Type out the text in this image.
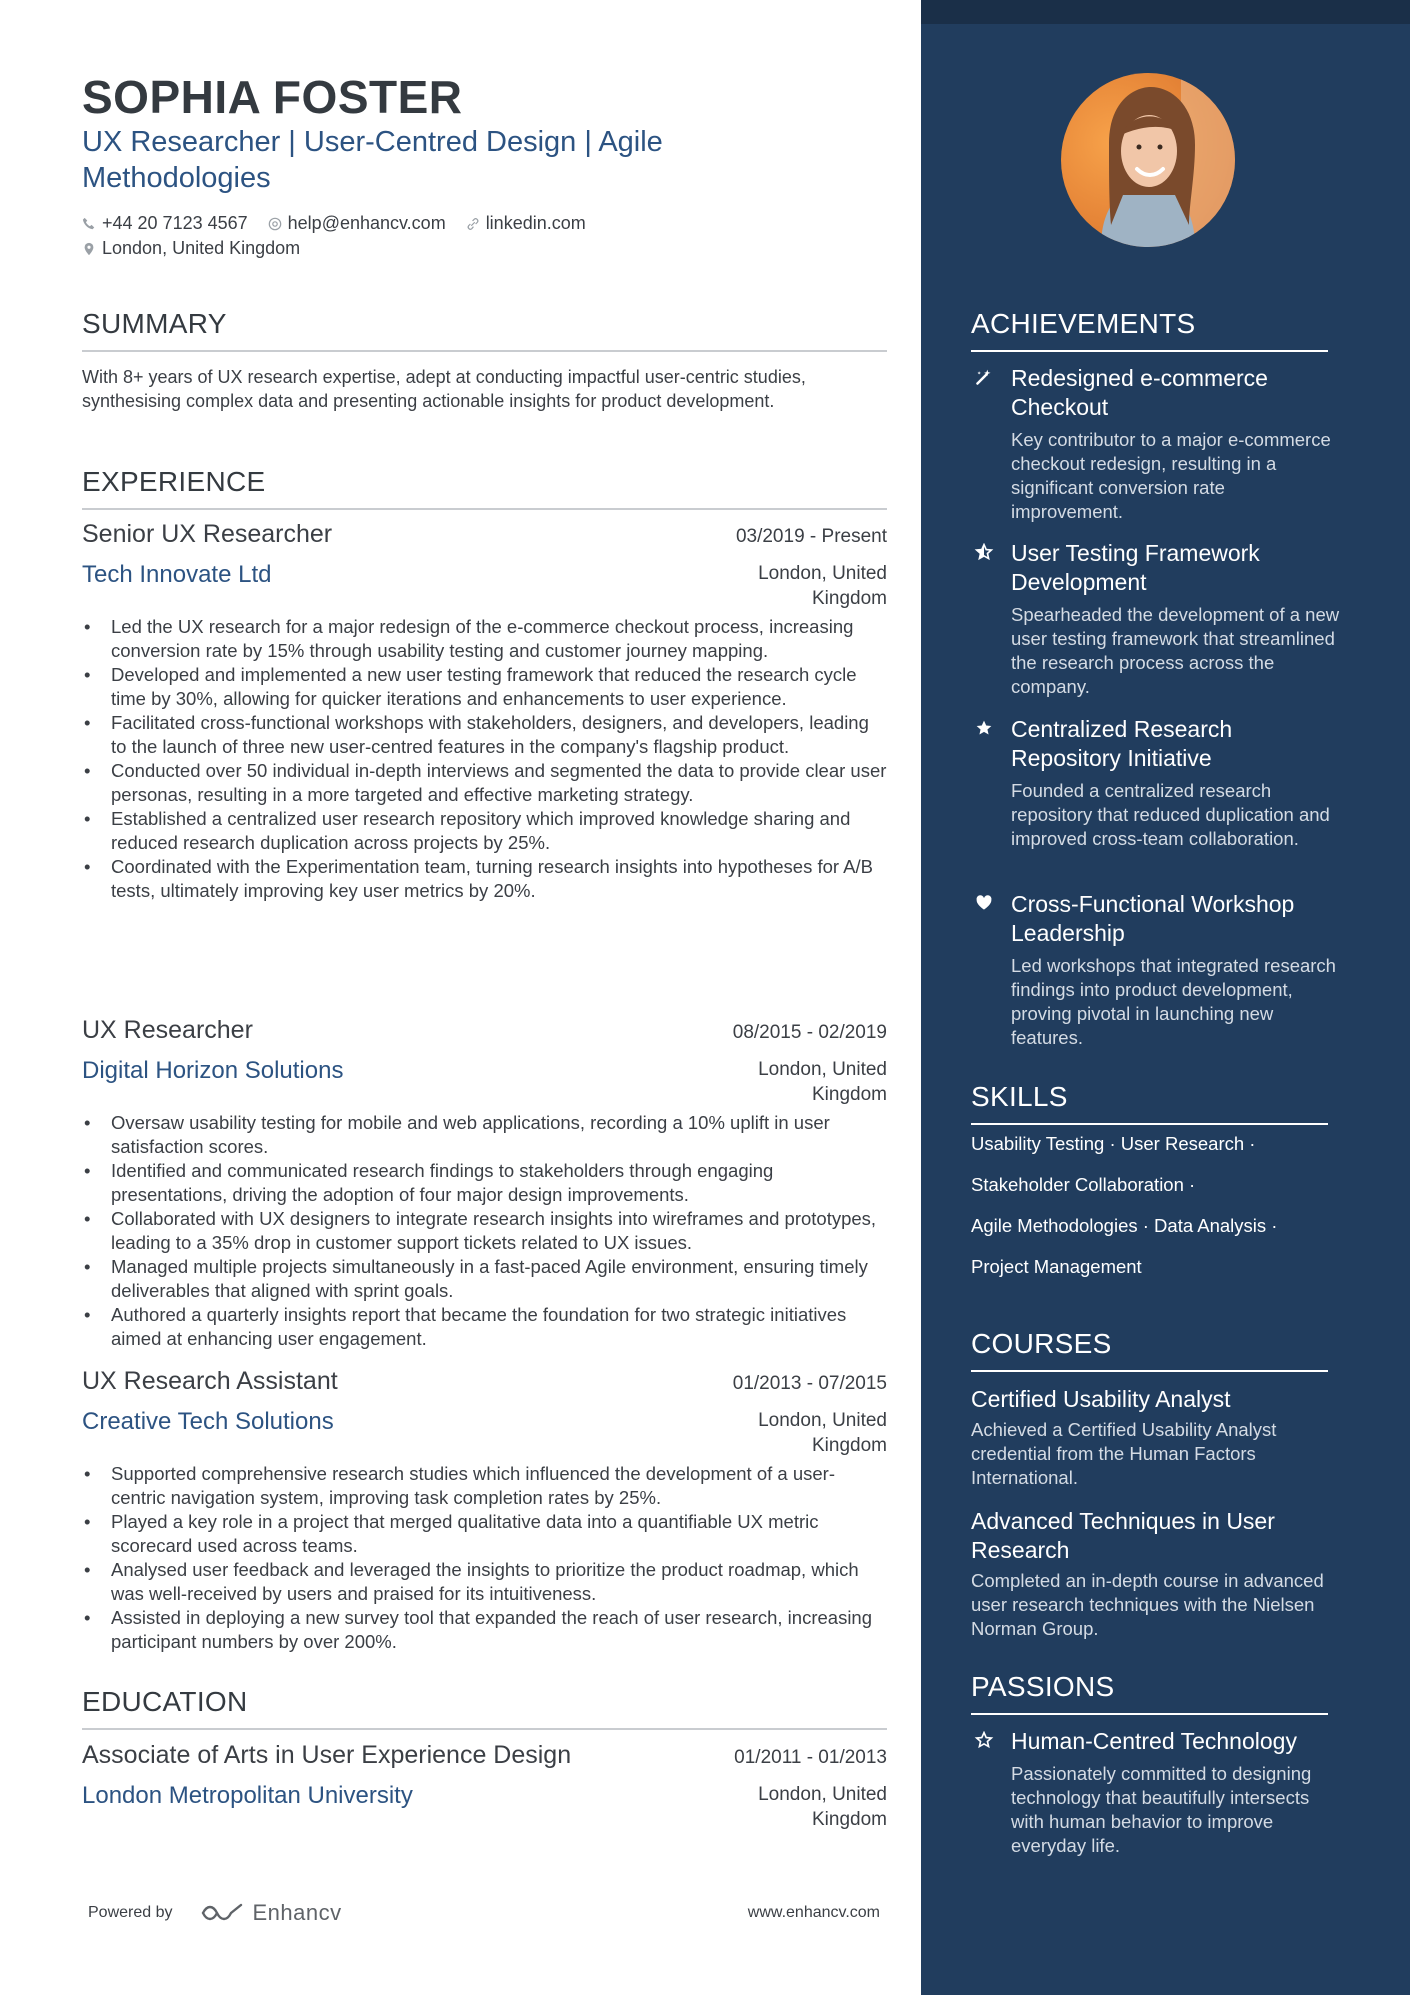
SOPHIA FOSTER
UX Researcher | User-Centred Design | Agile Methodologies
+44 20 7123 4567 help@enhancv.com linkedin.com
London, United Kingdom
SUMMARY
With 8+ years of UX research expertise, adept at conducting impactful user-centric studies, synthesising complex data and presenting actionable insights for product development.
EXPERIENCE
Senior UX Researcher	03/2019 - Present
Tech Innovate Ltd	London, United Kingdom
• Led the UX research for a major redesign of the e-commerce checkout process, increasing conversion rate by 15% through usability testing and customer journey mapping.
• Developed and implemented a new user testing framework that reduced the research cycle time by 30%, allowing for quicker iterations and enhancements to user experience.
• Facilitated cross-functional workshops with stakeholders, designers, and developers, leading to the launch of three new user-centred features in the company's flagship product.
• Conducted over 50 individual in-depth interviews and segmented the data to provide clear user personas, resulting in a more targeted and effective marketing strategy.
• Established a centralized user research repository which improved knowledge sharing and reduced research duplication across projects by 25%.
• Coordinated with the Experimentation team, turning research insights into hypotheses for A/B tests, ultimately improving key user metrics by 20%.
UX Researcher	08/2015 - 02/2019
Digital Horizon Solutions	London, United Kingdom
• Oversaw usability testing for mobile and web applications, recording a 10% uplift in user satisfaction scores.
• Identified and communicated research findings to stakeholders through engaging presentations, driving the adoption of four major design improvements.
• Collaborated with UX designers to integrate research insights into wireframes and prototypes, leading to a 35% drop in customer support tickets related to UX issues.
• Managed multiple projects simultaneously in a fast-paced Agile environment, ensuring timely deliverables that aligned with sprint goals.
• Authored a quarterly insights report that became the foundation for two strategic initiatives aimed at enhancing user engagement.
UX Research Assistant	01/2013 - 07/2015
Creative Tech Solutions	London, United Kingdom
• Supported comprehensive research studies which influenced the development of a user-centric navigation system, improving task completion rates by 25%.
• Played a key role in a project that merged qualitative data into a quantifiable UX metric scorecard used across teams.
• Analysed user feedback and leveraged the insights to prioritize the product roadmap, which was well-received by users and praised for its intuitiveness.
• Assisted in deploying a new survey tool that expanded the reach of user research, increasing participant numbers by over 200%.
EDUCATION
Associate of Arts in User Experience Design	01/2011 - 01/2013
London Metropolitan University	London, United Kingdom
Powered by	Enhancv	www.enhancv.com
ACHIEVEMENTS
Redesigned e-commerce Checkout
Key contributor to a major e-commerce checkout redesign, resulting in a significant conversion rate improvement.
User Testing Framework Development
Spearheaded the development of a new user testing framework that streamlined the research process across the company.
Centralized Research Repository Initiative
Founded a centralized research repository that reduced duplication and improved cross-team collaboration.
Cross-Functional Workshop Leadership
Led workshops that integrated research findings into product development, proving pivotal in launching new features.
SKILLS
Usability Testing · User Research ·
Stakeholder Collaboration ·
Agile Methodologies · Data Analysis ·
Project Management
COURSES
Certified Usability Analyst
Achieved a Certified Usability Analyst credential from the Human Factors International.
Advanced Techniques in User Research
Completed an in-depth course in advanced user research techniques with the Nielsen Norman Group.
PASSIONS
Human-Centred Technology
Passionately committed to designing technology that beautifully intersects with human behavior to improve everyday life.
